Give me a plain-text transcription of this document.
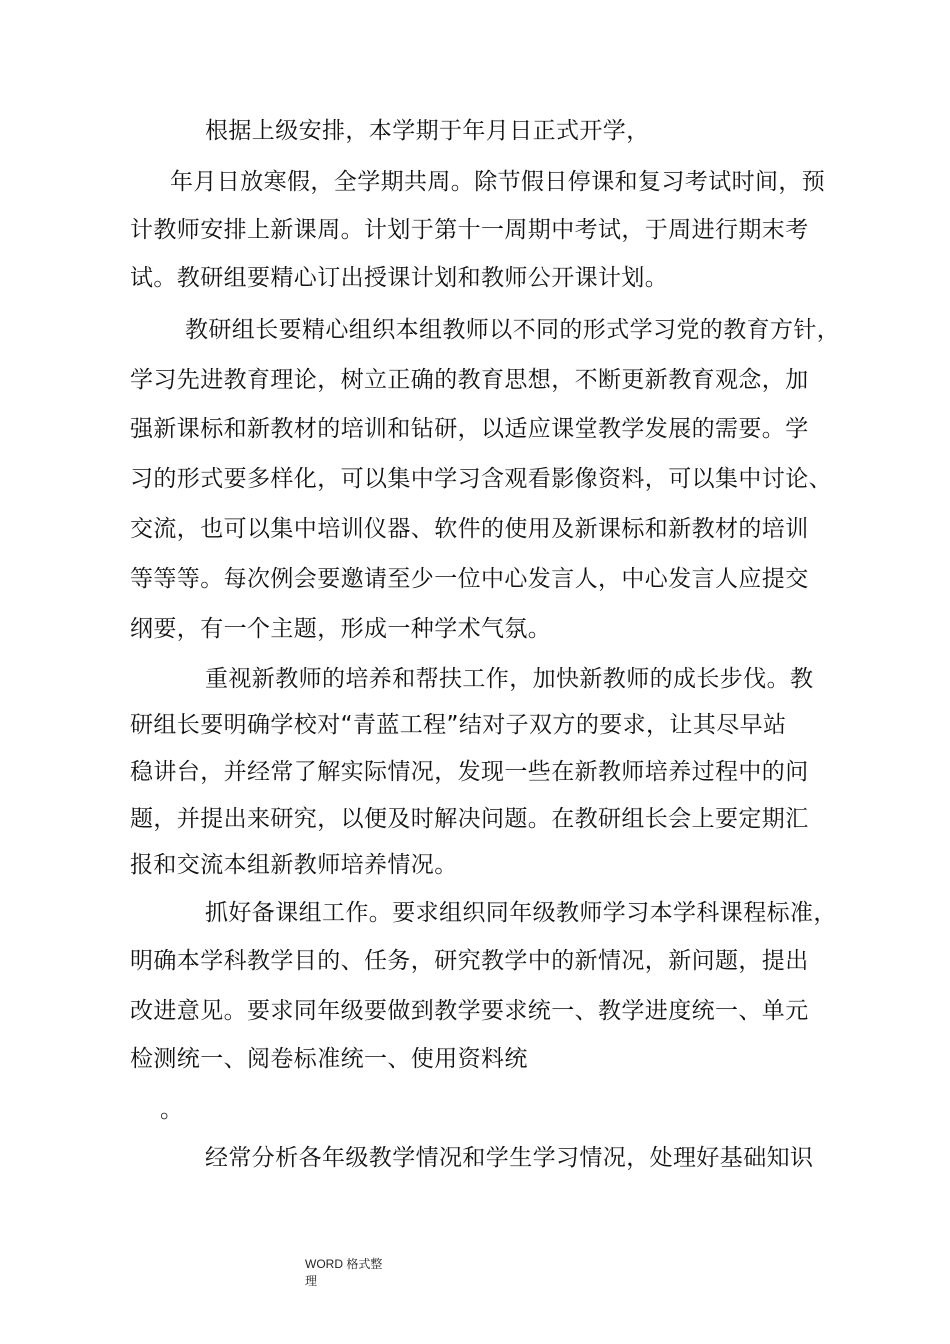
根据上级安排，本学期于年月日正式开学，
年月日放寒假，全学期共周。除节假日停课和复习考试时间，预
计教师安排上新课周。计划于第十一周期中考试，于周进行期末考
试。教研组要精心订出授课计划和教师公开课计划。
教研组长要精心组织本组教师以不同的形式学习党的教育方针，
学习先进教育理论，树立正确的教育思想，不断更新教育观念，加
强新课标和新教材的培训和钻研，以适应课堂教学发展的需要。学
习的形式要多样化，可以集中学习含观看影像资料，可以集中讨论、
交流，也可以集中培训仪器、软件的使用及新课标和新教材的培训
等等等。每次例会要邀请至少一位中心发言人，中心发言人应提交
纲要，有一个主题，形成一种学术气氛。
重视新教师的培养和帮扶工作，加快新教师的成长步伐。教
研组长要明确学校对“青蓝工程”结对子双方的要求，让其尽早站
稳讲台，并经常了解实际情况，发现一些在新教师培养过程中的问
题，并提出来研究，以便及时解决问题。在教研组长会上要定期汇
报和交流本组新教师培养情况。
抓好备课组工作。要求组织同年级教师学习本学科课程标准，
明确本学科教学目的、任务，研究教学中的新情况，新问题，提出
改进意见。要求同年级要做到教学要求统一、教学进度统一、单元
检测统一、阅卷标准统一、使用资料统
。
经常分析各年级教学情况和学生学习情况，处理好基础知识
WORD 格式整
理
